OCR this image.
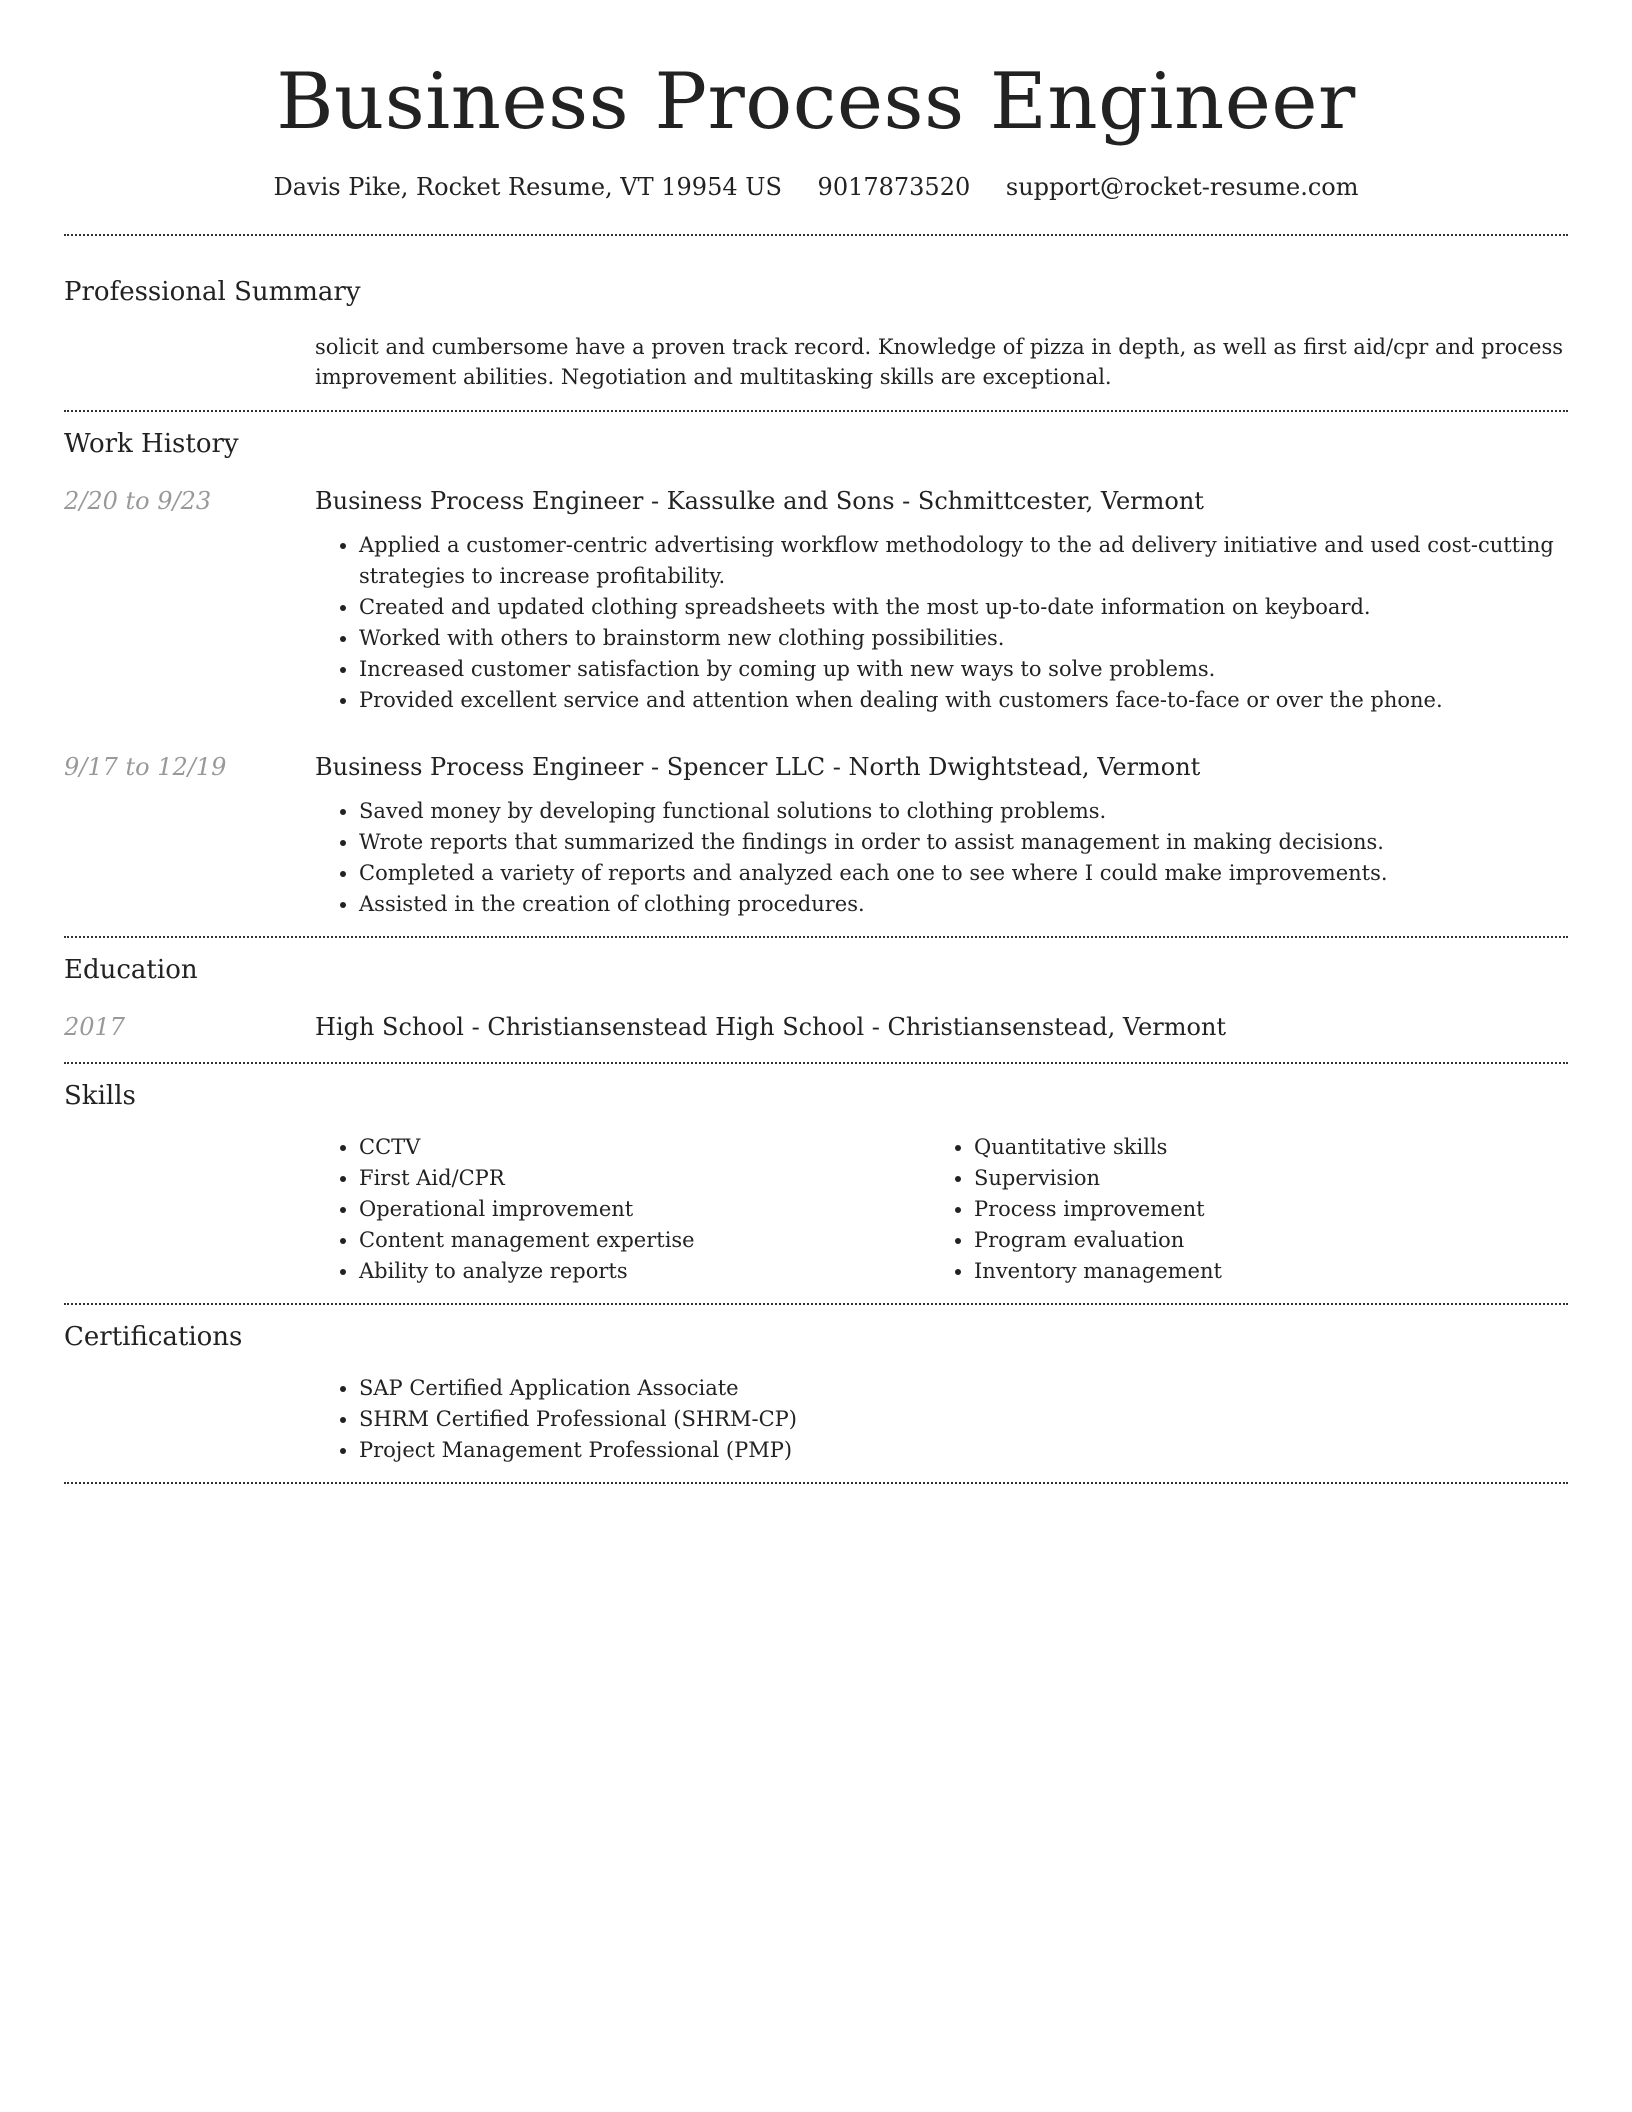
Business Process Engineer
Davis Pike, Rocket Resume, VT 19954 US 9017873520 support@rocket-resume.com
Professional Summary
solicit and cumbersome have a proven track record. Knowledge of pizza in depth, as well as first aid/cpr and process improvement abilities. Negotiation and multitasking skills are exceptional.
Work History
2/20 to 9/23	Business Process Engineer - Kassulke and Sons - Schmittcester, Vermont
• Applied a customer-centric advertising workflow methodology to the ad delivery initiative and used cost-cutting strategies to increase profitability.
• Created and updated clothing spreadsheets with the most up-to-date information on keyboard.
• Worked with others to brainstorm new clothing possibilities.
• Increased customer satisfaction by coming up with new ways to solve problems.
• Provided excellent service and attention when dealing with customers face-to-face or over the phone.
9/17 to 12/19	Business Process Engineer - Spencer LLC - North Dwightstead, Vermont
• Saved money by developing functional solutions to clothing problems.
• Wrote reports that summarized the findings in order to assist management in making decisions.
• Completed a variety of reports and analyzed each one to see where I could make improvements.
• Assisted in the creation of clothing procedures.
Education
2017	High School - Christiansenstead High School - Christiansenstead, Vermont
Skills
• CCTV
• First Aid/CPR
• Operational improvement
• Content management expertise
• Ability to analyze reports
• Quantitative skills
• Supervision
• Process improvement
• Program evaluation
• Inventory management
Certifications
• SAP Certified Application Associate
• SHRM Certified Professional (SHRM-CP)
• Project Management Professional (PMP)
